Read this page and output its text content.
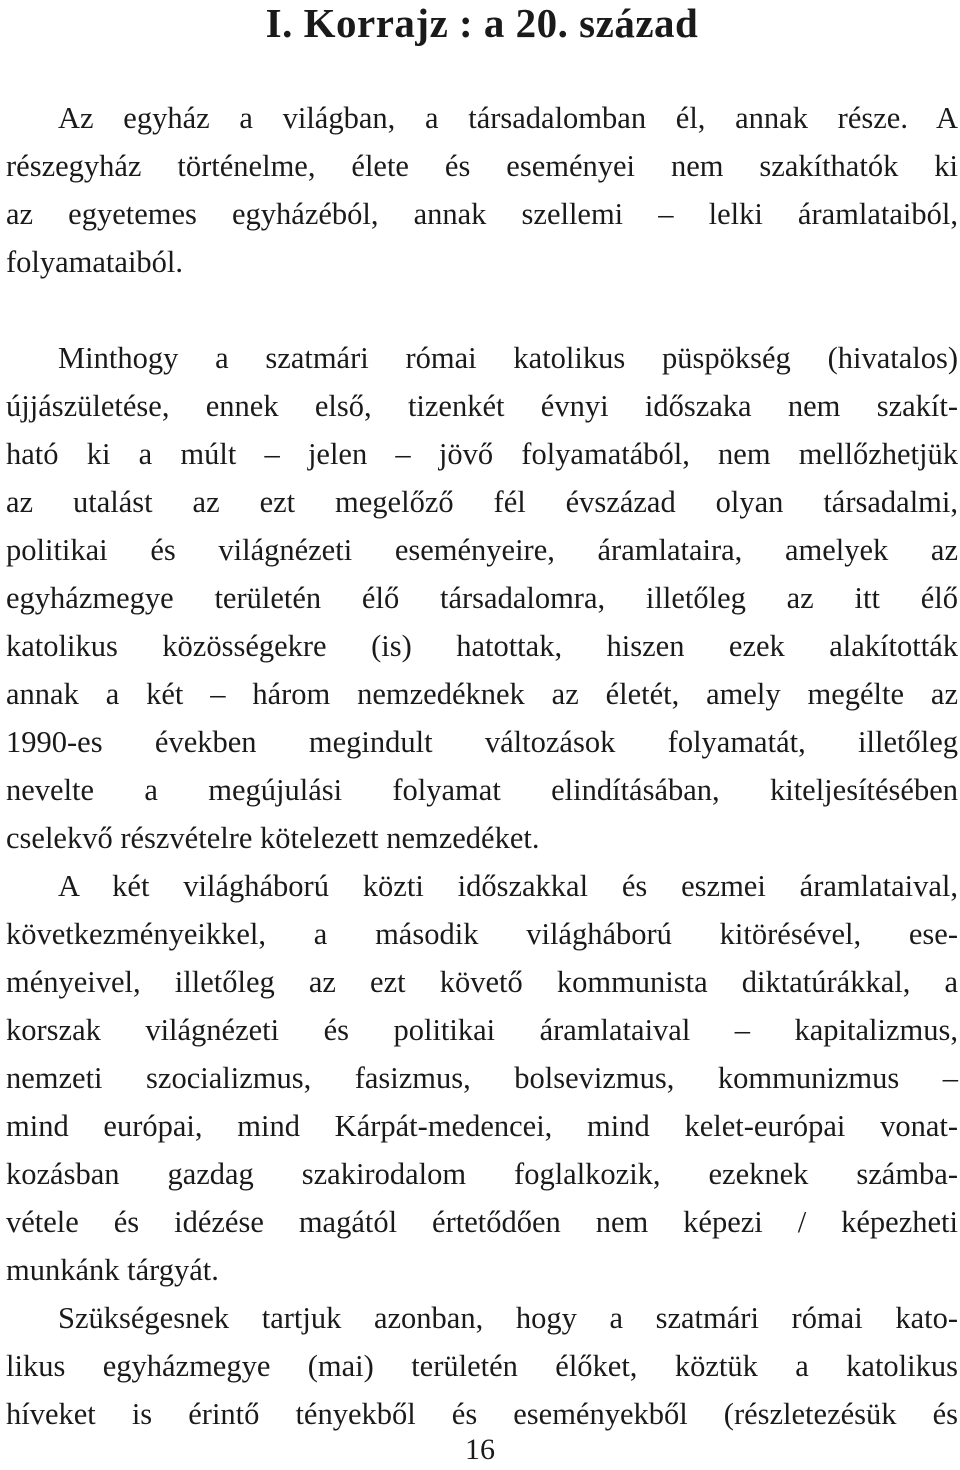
I. Korrajz : a 20. század
Az egyház a világban, a társadalomban él, annak része. A
részegyház történelme, élete és eseményei nem szakíthatók ki
az egyetemes egyházéból, annak szellemi – lelki áramlataiból,
folyamataiból.
Minthogy a szatmári római katolikus püspökség (hivatalos)
újjászületése, ennek első, tizenkét évnyi időszaka nem szakít-
ható ki a múlt – jelen – jövő folyamatából, nem mellőzhetjük
az utalást az ezt megelőző fél évszázad olyan társadalmi,
politikai és világnézeti eseményeire, áramlataira, amelyek az
egyházmegye területén élő társadalomra, illetőleg az itt élő
katolikus közösségekre (is) hatottak, hiszen ezek alakították
annak a két – három nemzedéknek az életét, amely megélte az
1990-es években megindult változások folyamatát, illetőleg
nevelte a megújulási folyamat elindításában, kiteljesítésében
cselekvő részvételre kötelezett nemzedéket.
A két világháború közti időszakkal és eszmei áramlataival,
következményeikkel, a második világháború kitörésével, ese-
ményeivel, illetőleg az ezt követő kommunista diktatúrákkal, a
korszak világnézeti és politikai áramlataival – kapitalizmus,
nemzeti szocializmus, fasizmus, bolsevizmus, kommunizmus –
mind európai, mind Kárpát-medencei, mind kelet-európai vonat-
kozásban gazdag szakirodalom foglalkozik, ezeknek számba-
vétele és idézése magától értetődően nem képezi / képezheti
munkánk tárgyát.
Szükségesnek tartjuk azonban, hogy a szatmári római kato-
likus egyházmegye (mai) területén élőket, köztük a katolikus
híveket is érintő tényekből és eseményekből (részletezésük és
16
